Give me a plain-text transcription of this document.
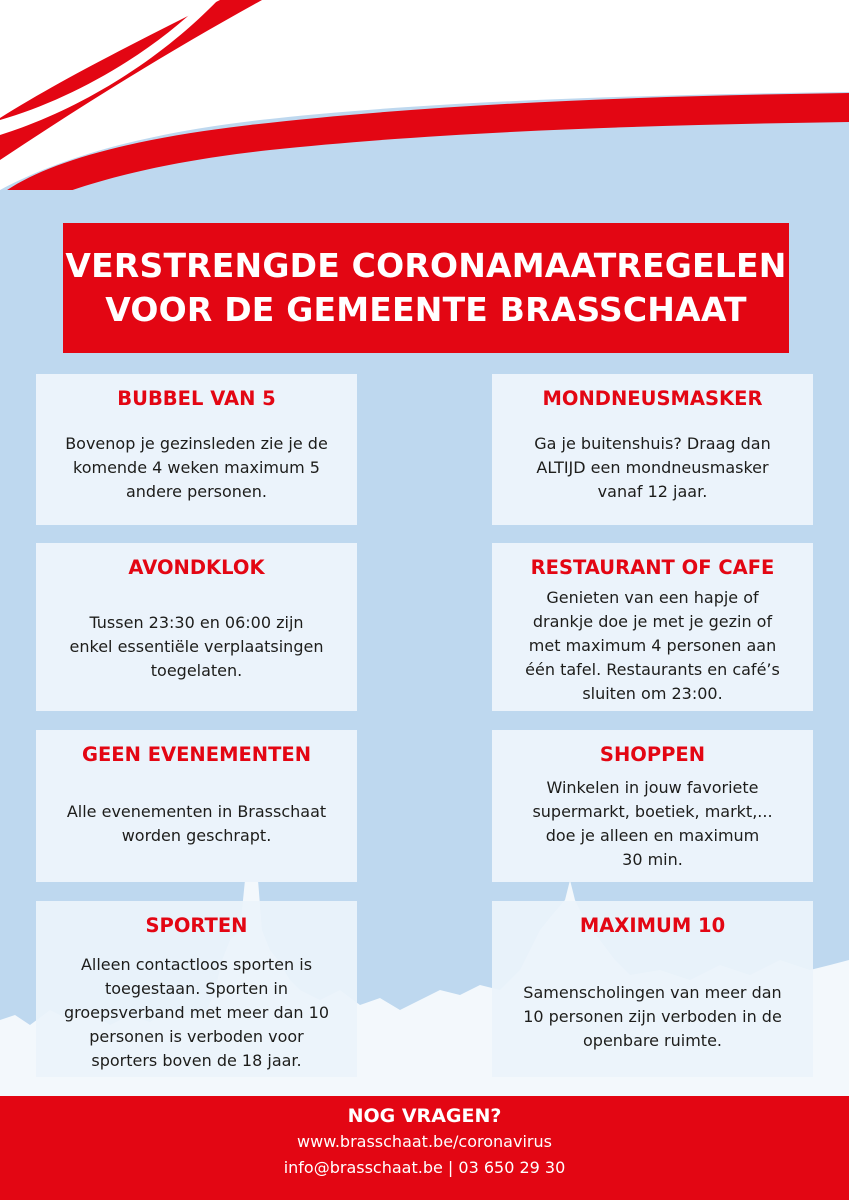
VERSTRENGDE CORONAMAATREGELEN
VOOR DE GEMEENTE BRASSCHAAT
BUBBEL VAN 5
Bovenop je gezinsleden zie je de
komende 4 weken maximum 5
andere personen.
AVONDKLOK
Tussen 23:30 en 06:00 zijn
enkel essentiële verplaatsingen
toegelaten.
GEEN EVENEMENTEN
Alle evenementen in Brasschaat
worden geschrapt.
SPORTEN
Alleen contactloos sporten is
toegestaan. Sporten in
groepsverband met meer dan 10
personen is verboden voor
sporters boven de 18 jaar.
MONDNEUSMASKER
Ga je buitenshuis? Draag dan
ALTIJD een mondneusmasker
vanaf 12 jaar.
RESTAURANT OF CAFE
Genieten van een hapje of
drankje doe je met je gezin of
met maximum 4 personen aan
één tafel. Restaurants en café’s
sluiten om 23:00.
SHOPPEN
Winkelen in jouw favoriete
supermarkt, boetiek, markt,...
doe je alleen en maximum
30 min.
MAXIMUM 10
Samenscholingen van meer dan
10 personen zijn verboden in de
openbare ruimte.
NOG VRAGEN?
www.brasschaat.be/coronavirus
info@brasschaat.be | 03 650 29 30
